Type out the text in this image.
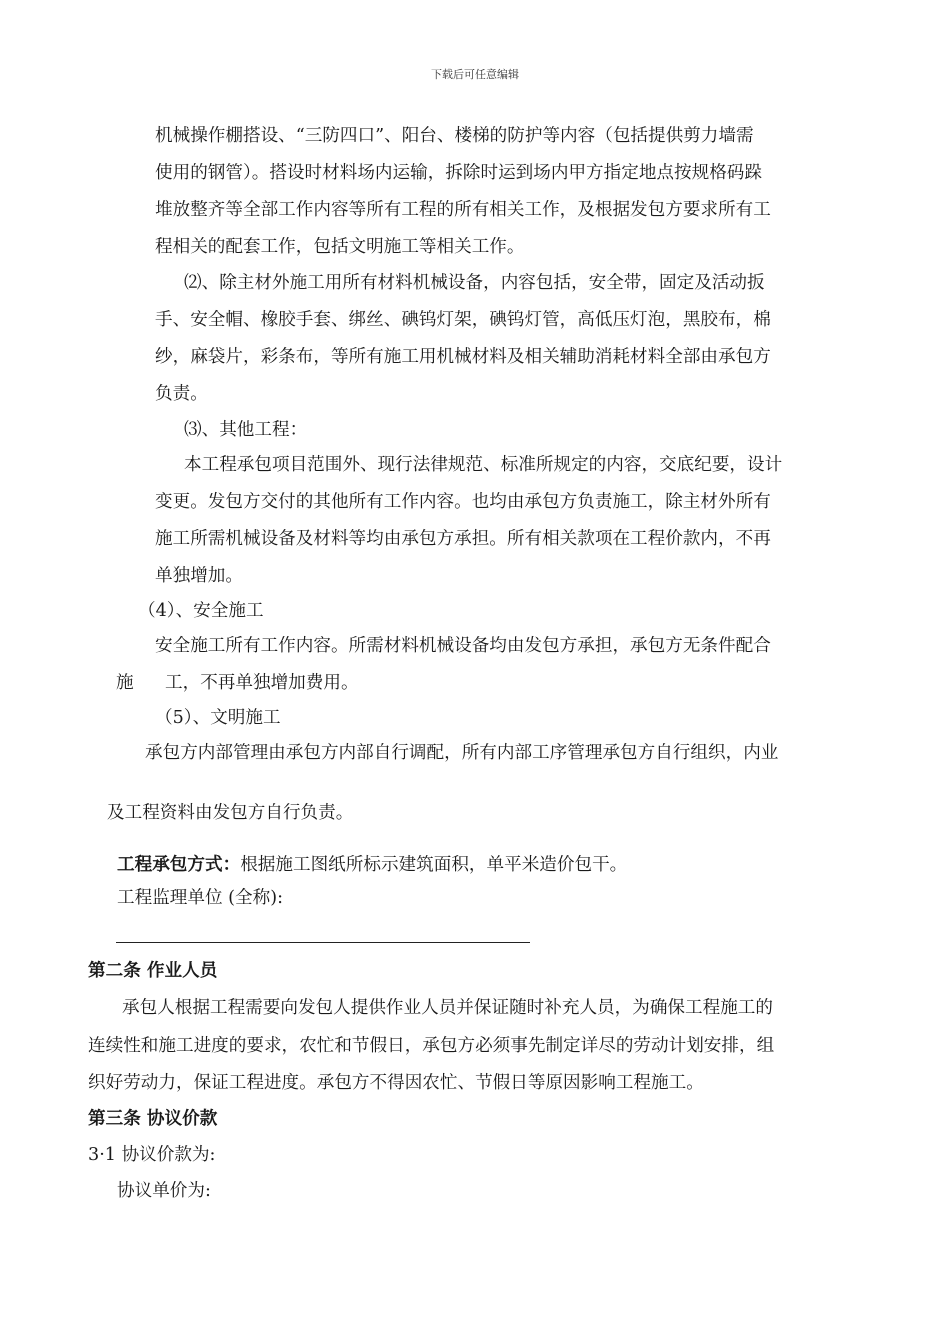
下载后可任意编辑
机械操作棚搭设、“三防四口”、阳台、楼梯的防护等内容（包括提供剪力墙需
使用的钢管）。搭设时材料场内运输，拆除时运到场内甲方指定地点按规格码跺
堆放整齐等全部工作内容等所有工程的所有相关工作，及根据发包方要求所有工
程相关的配套工作，包括文明施工等相关工作。
⑵、除主材外施工用所有材料机械设备，内容包括，安全带，固定及活动扳
手、安全帽、橡胶手套、绑丝、碘钨灯架，碘钨灯管，高低压灯泡，黑胶布，棉
纱，麻袋片，彩条布，等所有施工用机械材料及相关辅助消耗材料全部由承包方
负责。
⑶、其他工程：
本工程承包项目范围外、现行法律规范、标准所规定的内容，交底纪要，设计
变更。发包方交付的其他所有工作内容。也均由承包方负责施工，除主材外所有
施工所需机械设备及材料等均由承包方承担。所有相关款项在工程价款内，不再
单独增加。
（4）、安全施工
安全施工所有工作内容。所需材料机械设备均由发包方承担，承包方无条件配合
施 工，不再单独增加费用。
（5）、文明施工
承包方内部管理由承包方内部自行调配，所有内部工序管理承包方自行组织，内业
及工程资料由发包方自行负责。
工程承包方式：根据施工图纸所标示建筑面积，单平米造价包干。
工程监理单位 (全称):
第二条 作业人员
承包人根据工程需要向发包人提供作业人员并保证随时补充人员，为确保工程施工的
连续性和施工进度的要求，农忙和节假日，承包方必须事先制定详尽的劳动计划安排，组
织好劳动力，保证工程进度。承包方不得因农忙、节假日等原因影响工程施工。
第三条 协议价款
3·1 协议价款为:
协议单价为:
